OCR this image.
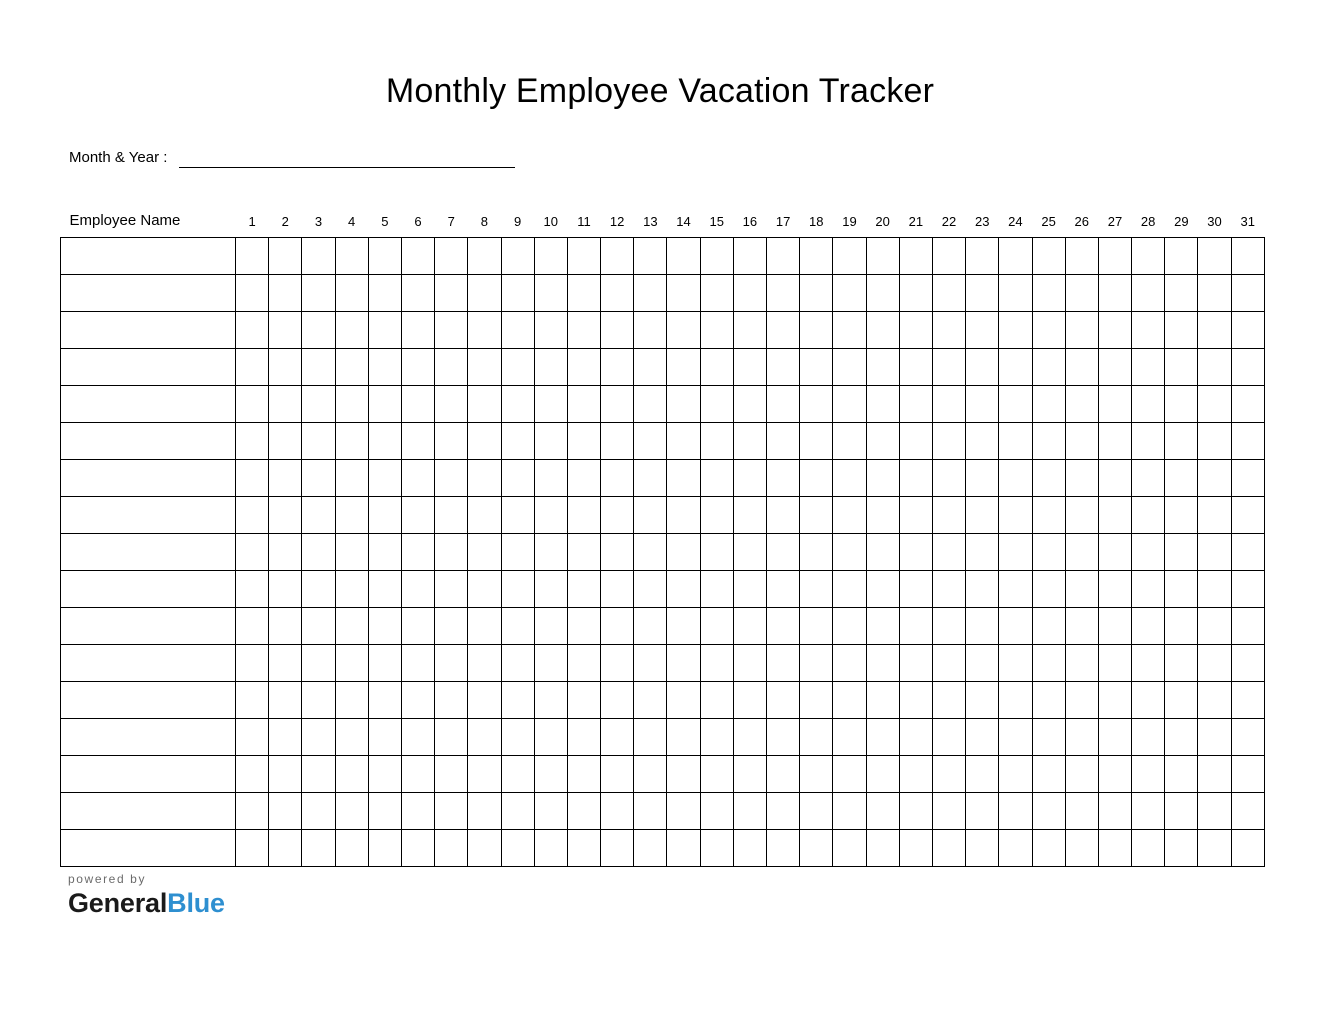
Monthly Employee Vacation Tracker
Month & Year :
Employee Name	1	2	3	4	5	6	7	8	9	10	11	12	13	14	15	16	17	18	19	20	21	22	23	24	25	26	27	28	29	30	31

powered by
GeneralBlue
